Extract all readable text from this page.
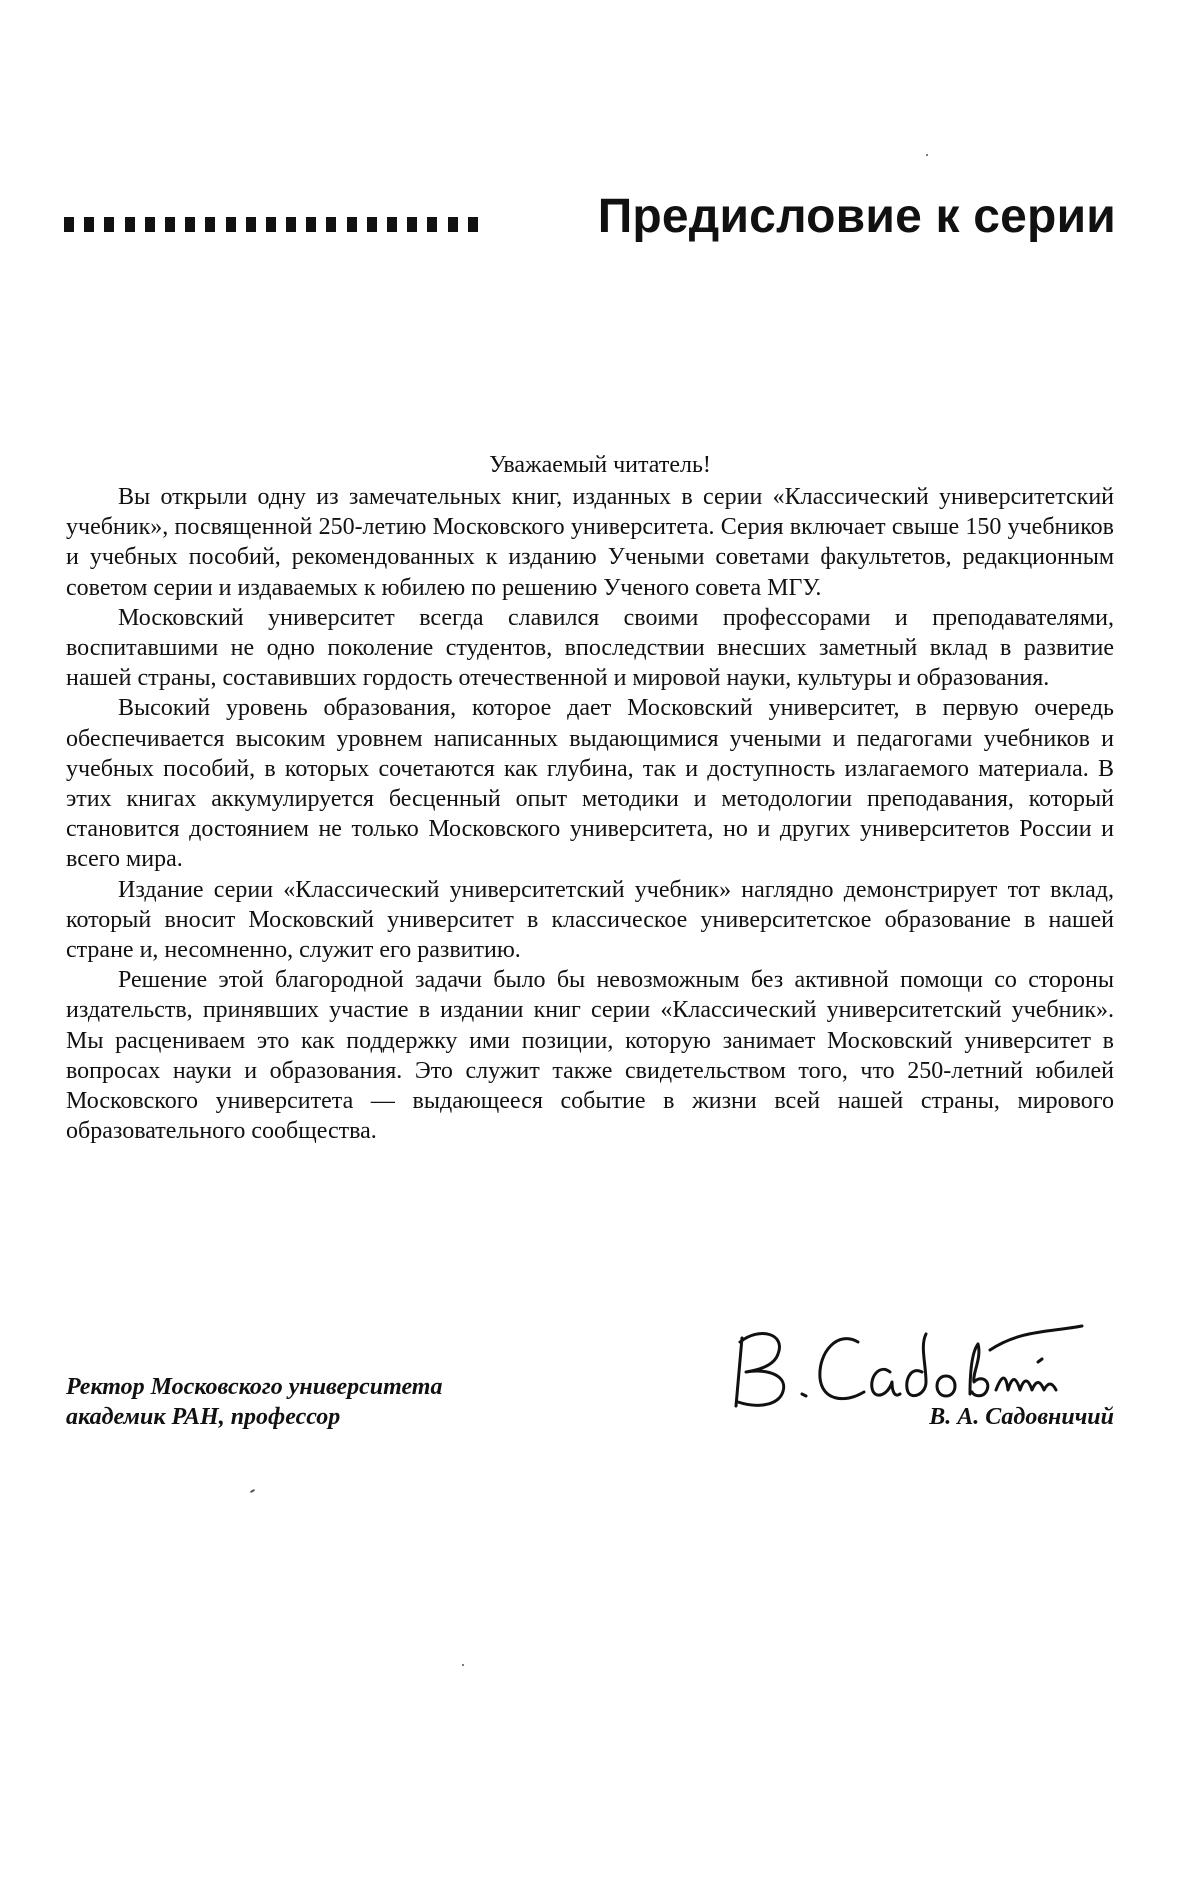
Предисловие к серии
Уважаемый читатель!

Вы открыли одну из замечательных книг, изданных в серии «Классический университетский учебник», посвященной 250-летию Московского университета. Серия включает свыше 150 учебников и учебных пособий, рекомендованных к изданию Учеными советами факультетов, редакционным советом серии и издаваемых к юбилею по решению Ученого совета МГУ.

Московский университет всегда славился своими профессорами и преподавателями, воспитавшими не одно поколение студентов, впоследствии внесших заметный вклад в развитие нашей страны, составивших гордость отечественной и мировой науки, культуры и образования.

Высокий уровень образования, которое дает Московский университет, в первую очередь обеспечивается высоким уровнем написанных выдающимися учеными и педагогами учебников и учебных пособий, в которых сочетаются как глубина, так и доступность излагаемого материала. В этих книгах аккумулируется бесценный опыт методики и методологии преподавания, который становится достоянием не только Московского университета, но и других университетов России и всего мира.

Издание серии «Классический университетский учебник» наглядно демонстрирует тот вклад, который вносит Московский университет в классическое университетское образование в нашей стране и, несомненно, служит его развитию.

Решение этой благородной задачи было бы невозможным без активной помощи со стороны издательств, принявших участие в издании книг серии «Классический университетский учебник». Мы расцениваем это как поддержку ими позиции, которую занимает Московский университет в вопросах науки и образования. Это служит также свидетельством того, что 250-летний юбилей Московского университета — выдающееся событие в жизни всей нашей страны, мирового образовательного сообщества.

Ректор Московского университета
академик РАН, профессор	В. А. Садовничий
